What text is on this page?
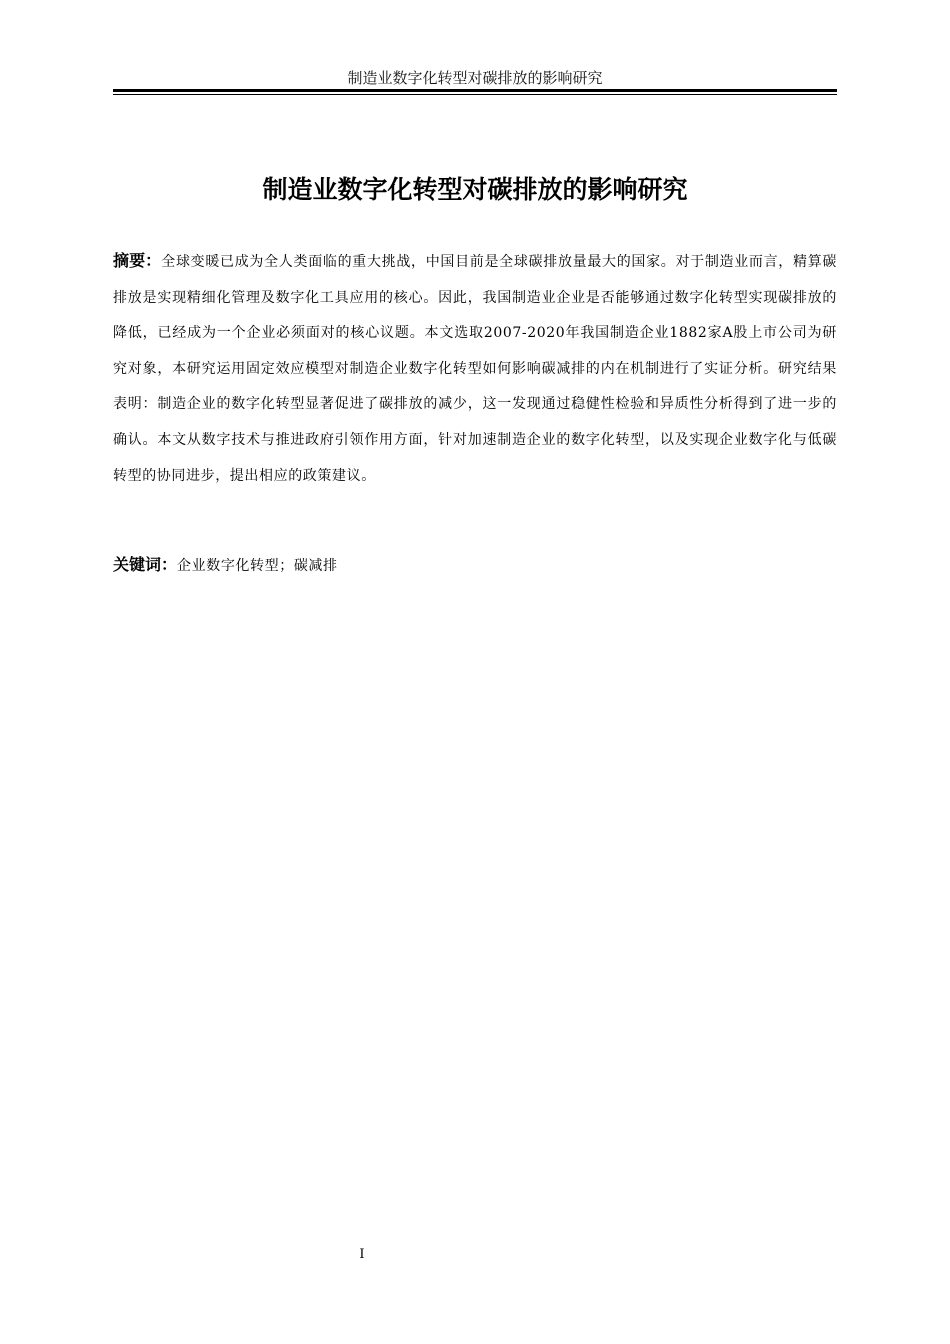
制造业数字化转型对碳排放的影响研究
制造业数字化转型对碳排放的影响研究

摘要：全球变暖已成为全人类面临的重大挑战，中国目前是全球碳排放量最大的国家。对于制造业而言，精算碳排放是实现精细化管理及数字化工具应用的核心。因此，我国制造业企业是否能够通过数字化转型实现碳排放的降低，已经成为一个企业必须面对的核心议题。本文选取2007-2020年我国制造企业1882家A股上市公司为研究对象，本研究运用固定效应模型对制造企业数字化转型如何影响碳减排的内在机制进行了实证分析。研究结果表明：制造企业的数字化转型显著促进了碳排放的减少，这一发现通过稳健性检验和异质性分析得到了进一步的确认。本文从数字技术与推进政府引领作用方面，针对加速制造企业的数字化转型，以及实现企业数字化与低碳转型的协同进步，提出相应的政策建议。

关键词：企业数字化转型；碳减排

I
